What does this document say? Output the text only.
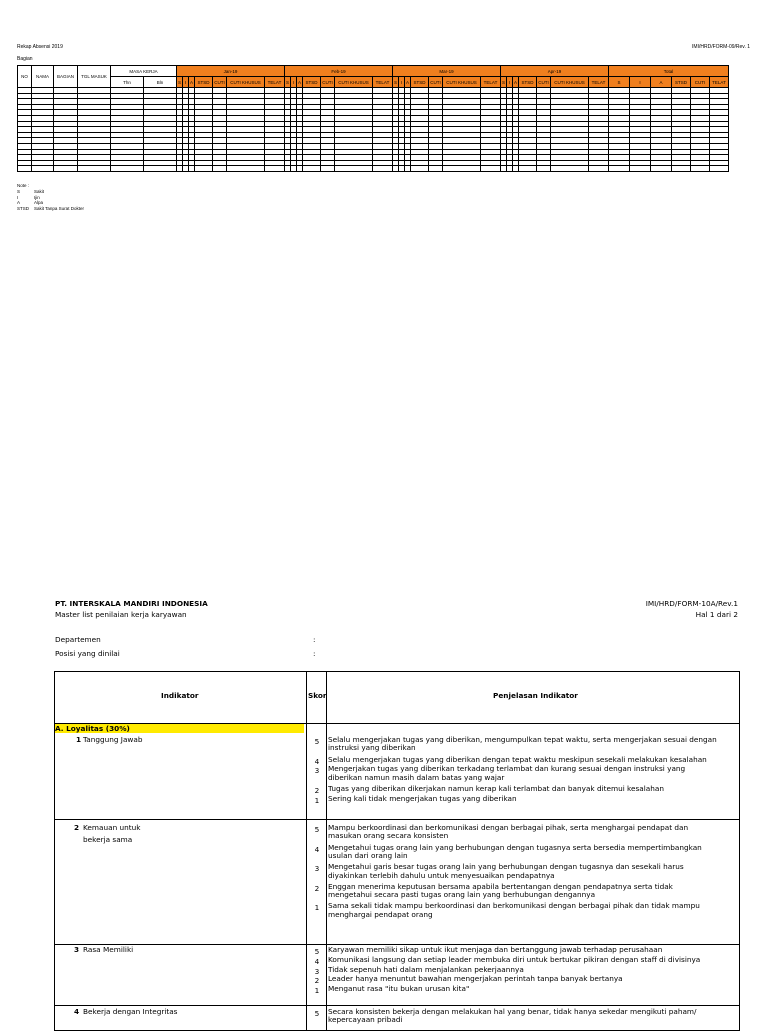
Rekap Absensi 2019	IMI/HRD/FORM-09/Rev. 1
Bagian
NO	NAMA	BAGIAN	TGL MASUK	MASA KERJA		Jan-19							Feb-19							Mar-19							Apr-19							Total					
				Thn	Bln	S	I	A	STSD	CUTI	CUTI KHUSUS	TELAT	S	I	A	STSD	CUTI	CUTI KHUSUS	TELAT	S	I	A	STSD	CUTI	CUTI KHUSUS	TELAT	S	I	A	STSD	CUTI	CUTI KHUSUS	TELAT	S	I	A	STSD	CUTI	TELAT

Note :
S	Sakit
I	Ijin
A	Alpa
STSD Sakit Tanpa Surat Dokter
PT. INTERSKALA MANDIRI INDONESIA
Master list penilaian kerja karyawan
IMI/HRD/FORM-10A/Rev.1
Hal 1 dari 2
Departemen	:
Posisi yang dinilai	:
Indikator	Skor	Penjelasan Indikator
A. Loyalitas (30%)
1 Tanggung Jawab	5 Selalu mengerjakan tugas yang diberikan, mengumpulkan tepat waktu, serta mengerjakan sesuai dengan
instruksi yang diberikan
4 Selalu mengerjakan tugas yang diberikan dengan tepat waktu meskipun sesekali melakukan kesalahan
3 Mengerjakan tugas yang diberikan terkadang terlambat dan kurang sesuai dengan instruksi yang
diberikan namun masih dalam batas yang wajar
2 Tugas yang diberikan dikerjakan namun kerap kali terlambat dan banyak ditemui kesalahan
1 Sering kali tidak mengerjakan tugas yang diberikan
2 Kemauan untuk
bekerja sama
5 Mampu berkoordinasi dan berkomunikasi dengan berbagai pihak, serta menghargai pendapat dan
masukan orang secara konsisten
4 Mengetahui tugas orang lain yang berhubungan dengan tugasnya serta bersedia mempertimbangkan
usulan dari orang lain
3 Mengetahui garis besar tugas orang lain yang berhubungan dengan tugasnya dan sesekali harus
diyakinkan terlebih dahulu untuk menyesuaikan pendapatnya
2 Enggan menerima keputusan bersama apabila bertentangan dengan pendapatnya serta tidak
mengetahui secara pasti tugas orang lain yang berhubungan dengannya
1 Sama sekali tidak mampu berkoordinasi dan berkomunikasi dengan berbagai pihak dan tidak mampu
menghargai pendapat orang
3 Rasa Memiliki	5 Karyawan memiliki sikap untuk ikut menjaga dan bertanggung jawab terhadap perusahaan
4 Komunikasi langsung dan setiap leader membuka diri untuk bertukar pikiran dengan staff di divisinya
3 Tidak sepenuh hati dalam menjalankan pekerjaannya
2 Leader hanya menuntut bawahan mengerjakan perintah tanpa banyak bertanya
1 Menganut rasa "itu bukan urusan kita"
4 Bekerja dengan Integritas	5 Secara konsisten bekerja dengan melakukan hal yang benar, tidak hanya sekedar mengikuti paham/
kepercayaan pribadi
